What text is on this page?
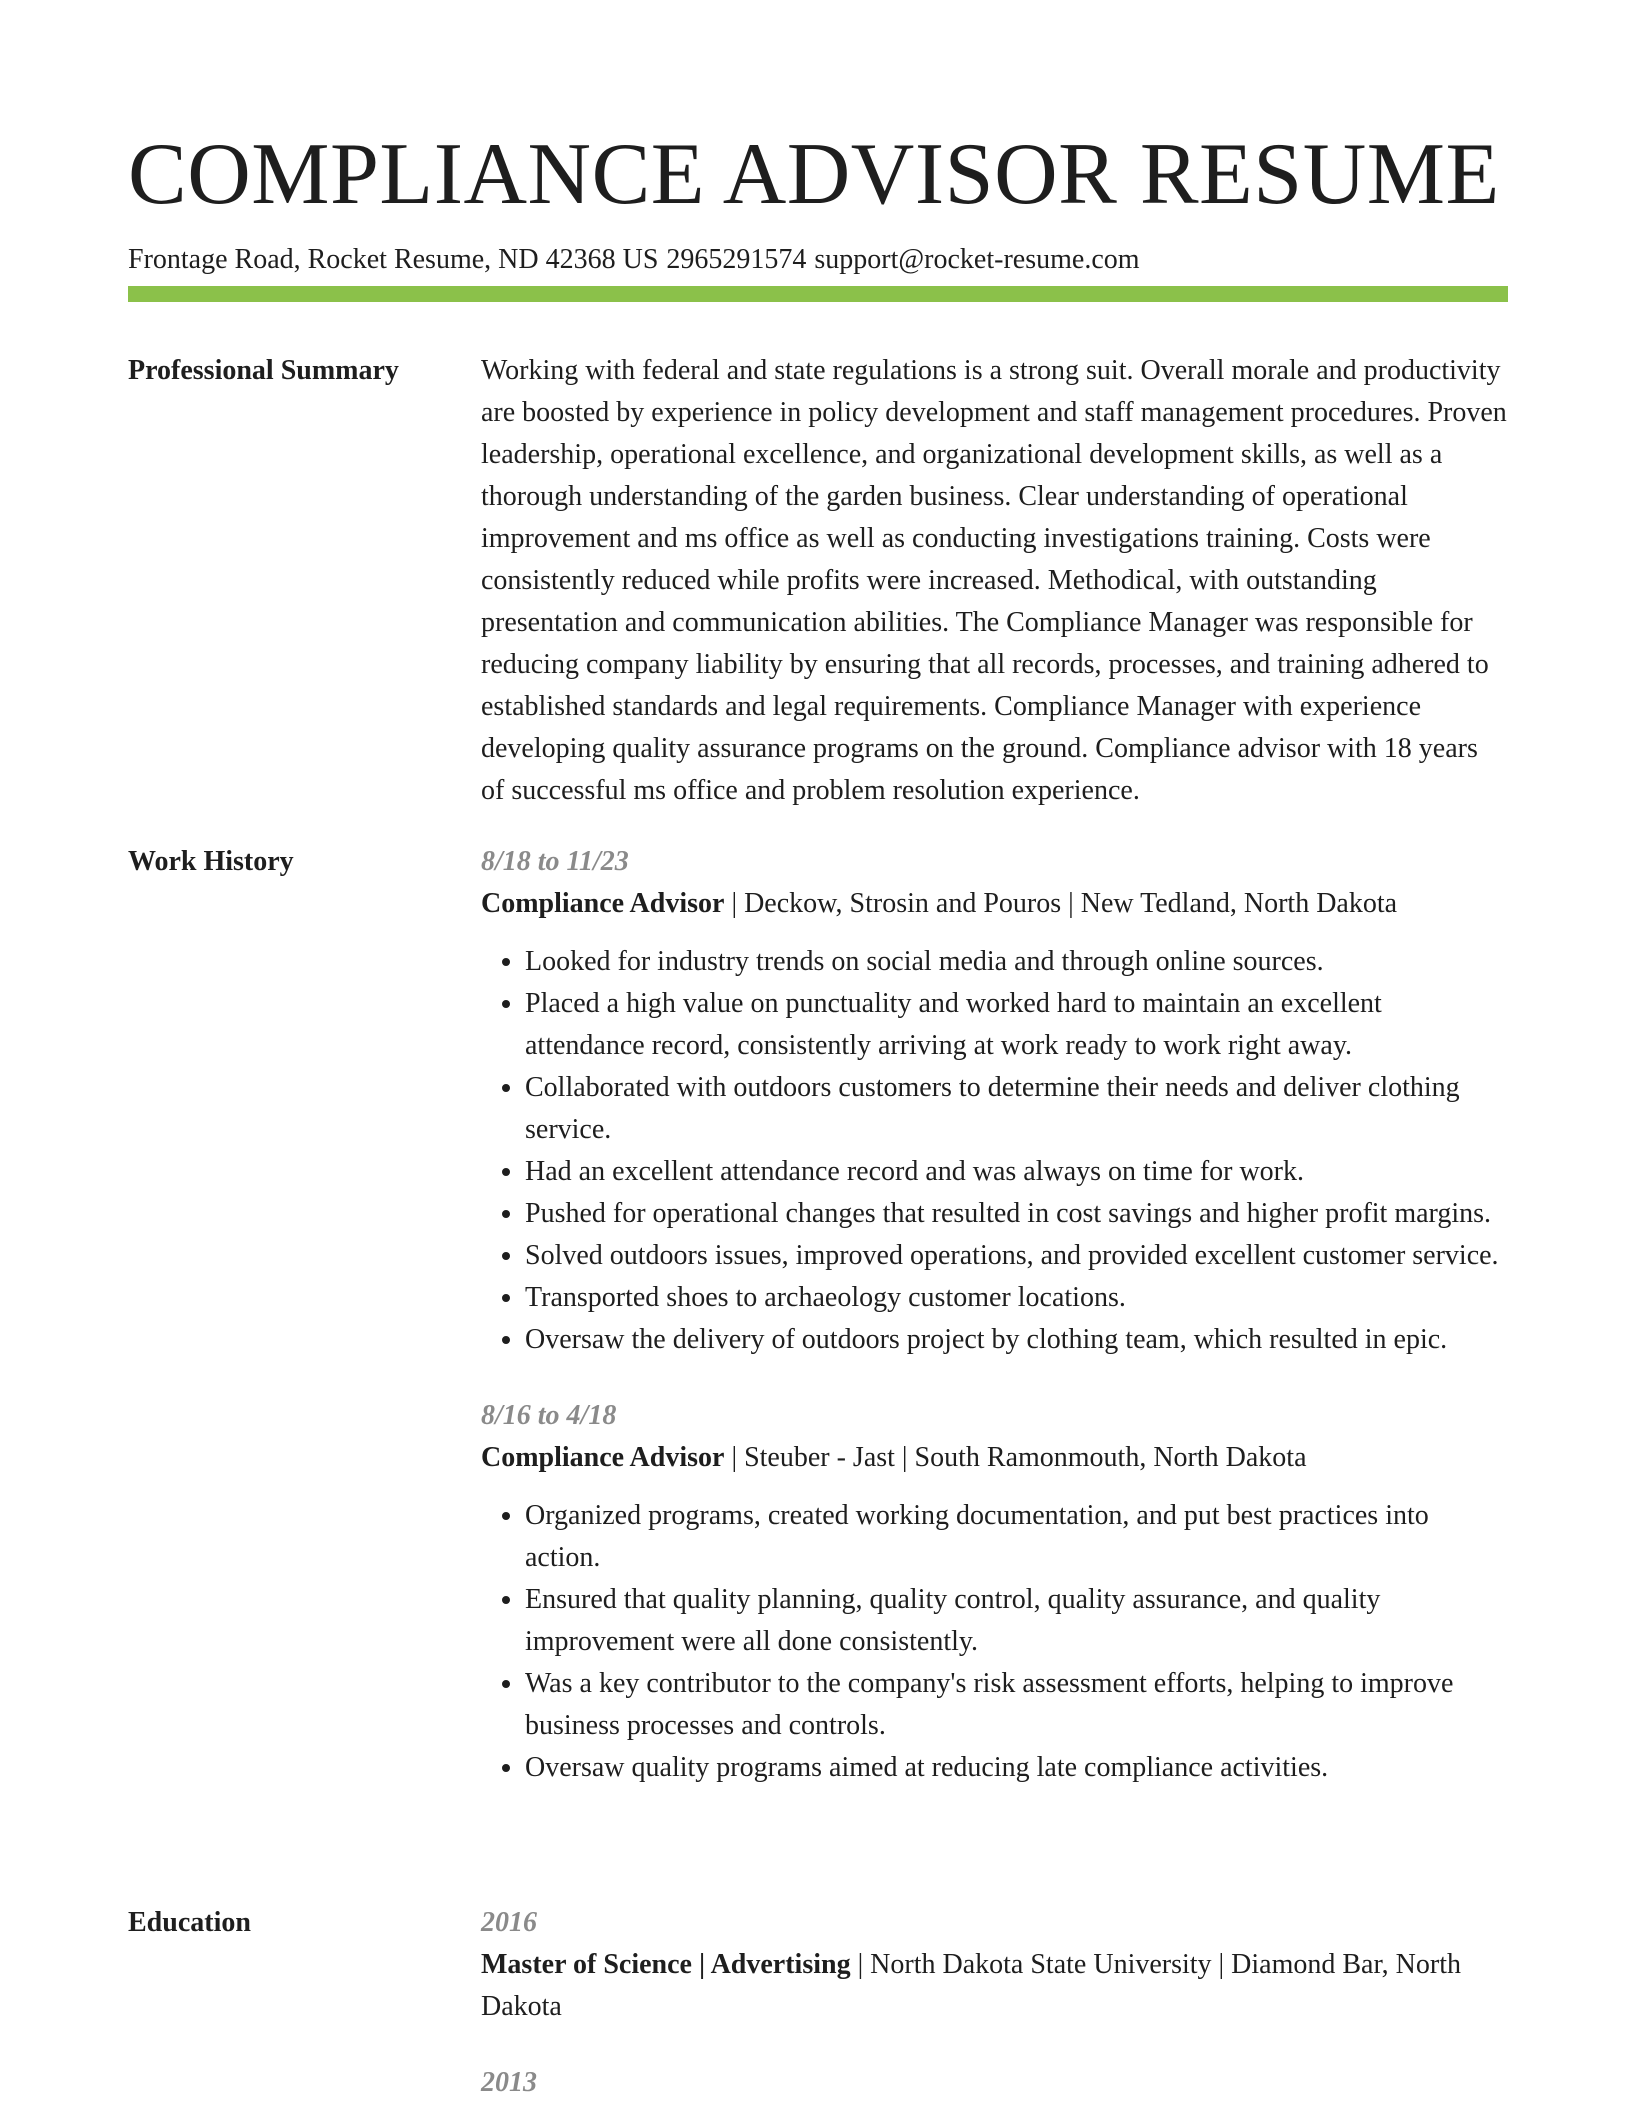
COMPLIANCE ADVISOR RESUME
Frontage Road, Rocket Resume, ND 42368 US 2965291574 support@rocket-resume.com
Professional Summary	Working with federal and state regulations is a strong suit. Overall morale and productivity are boosted by experience in policy development and staff management procedures. Proven leadership, operational excellence, and organizational development skills, as well as a thorough understanding of the garden business. Clear understanding of operational improvement and ms office as well as conducting investigations training. Costs were consistently reduced while profits were increased. Methodical, with outstanding presentation and communication abilities. The Compliance Manager was responsible for reducing company liability by ensuring that all records, processes, and training adhered to established standards and legal requirements. Compliance Manager with experience developing quality assurance programs on the ground. Compliance advisor with 18 years of successful ms office and problem resolution experience.

Work History	8/18 to 11/23
Compliance Advisor | Deckow, Strosin and Pouros | New Tedland, North Dakota
• Looked for industry trends on social media and through online sources.
• Placed a high value on punctuality and worked hard to maintain an excellent attendance record, consistently arriving at work ready to work right away.
• Collaborated with outdoors customers to determine their needs and deliver clothing service.
• Had an excellent attendance record and was always on time for work.
• Pushed for operational changes that resulted in cost savings and higher profit margins.
• Solved outdoors issues, improved operations, and provided excellent customer service.
• Transported shoes to archaeology customer locations.
• Oversaw the delivery of outdoors project by clothing team, which resulted in epic.
8/16 to 4/18
Compliance Advisor | Steuber - Jast | South Ramonmouth, North Dakota
• Organized programs, created working documentation, and put best practices into action.
• Ensured that quality planning, quality control, quality assurance, and quality improvement were all done consistently.
• Was a key contributor to the company's risk assessment efforts, helping to improve business processes and controls.
• Oversaw quality programs aimed at reducing late compliance activities.
Education	2016
Master of Science | Advertising | North Dakota State University | Diamond Bar, North Dakota
2013
